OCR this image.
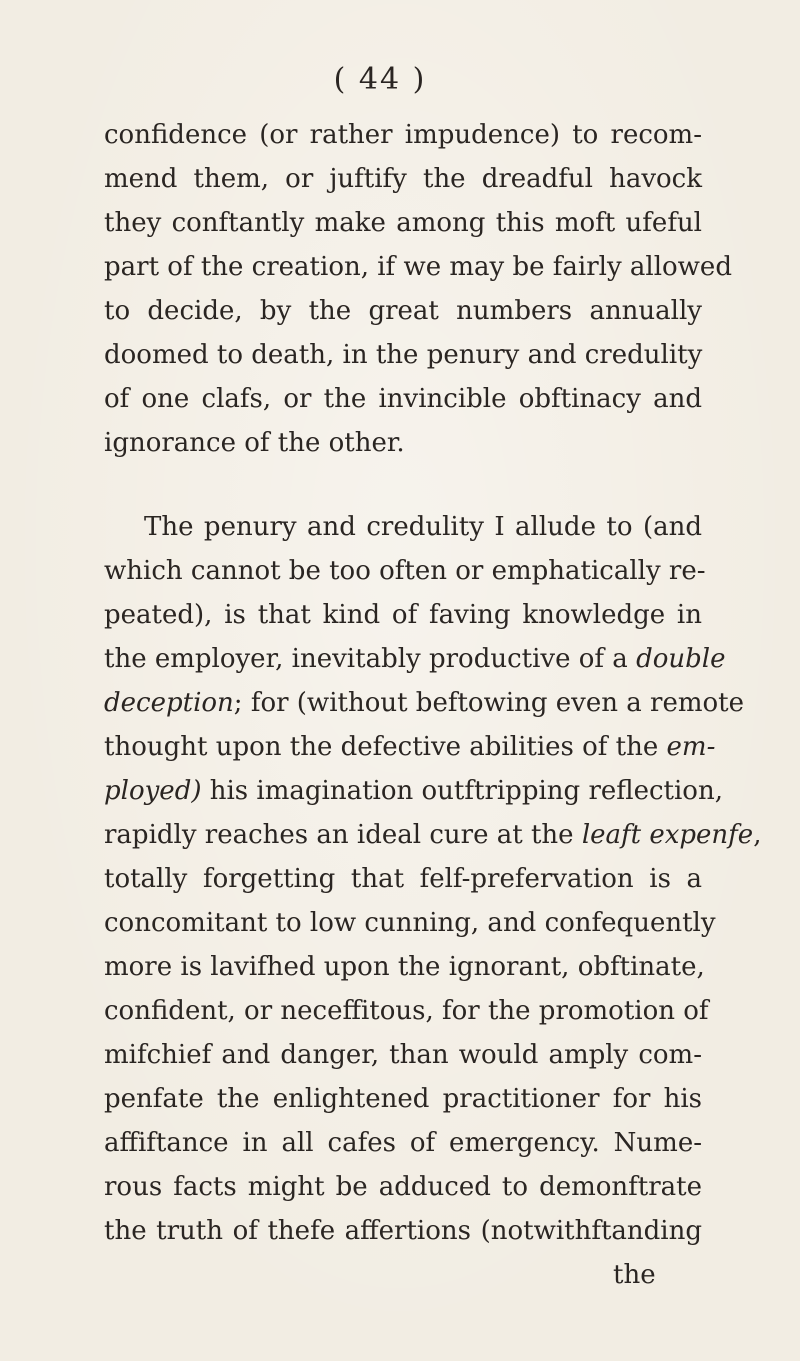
( 44 )
confidence (or rather impudence) to recom-
mend them, or juftify the dreadful havock
they conftantly make among this moft ufeful
part of the creation, if we may be fairly allowed
to decide, by the great numbers annually
doomed to death, in the penury and credulity
of one clafs, or the invincible obftinacy and
ignorance of the other.
The penury and credulity I allude to (and
which cannot be too often or emphatically re-
peated), is that kind of faving knowledge in
the employer, inevitably productive of a double
deception; for (without beftowing even a remote
thought upon the defective abilities of the em-
ployed) his imagination outftripping reflection,
rapidly reaches an ideal cure at the leaft expenfe,
totally forgetting that felf-prefervation is a
concomitant to low cunning, and confequently
more is lavifhed upon the ignorant, obftinate,
confident, or neceffitous, for the promotion of
mifchief and danger, than would amply com-
penfate the enlightened practitioner for his
affiftance in all cafes of emergency. Nume-
rous facts might be adduced to demonftrate
the truth of thefe affertions (notwithftanding
the
